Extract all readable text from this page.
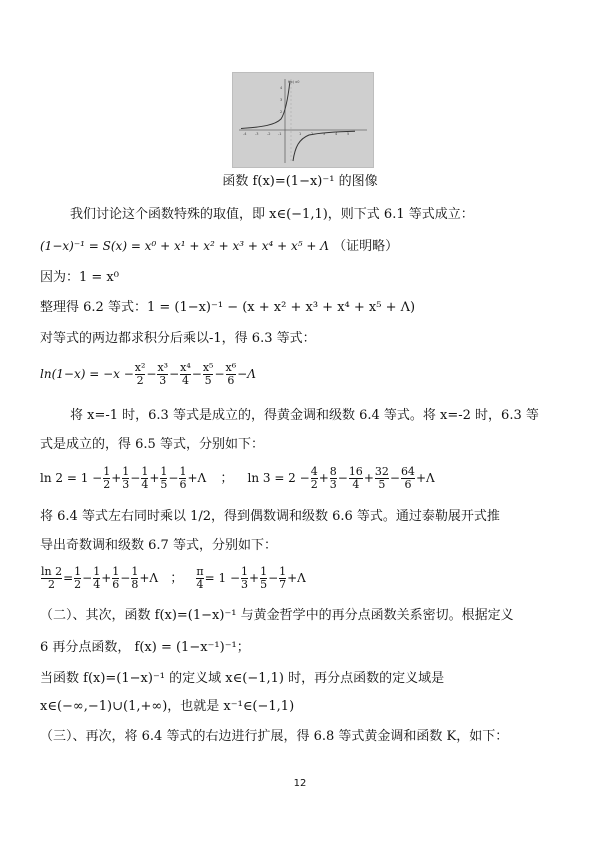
-4 -3 -2 -1	1	2	3	4	5
4
3
2
f(x) x0
函数 f(x)=(1−x)⁻¹ 的图像
我们讨论这个函数特殊的取值，即 x∈(−1,1)，则下式 6.1 等式成立：
(1−x)⁻¹ = S(x) = x⁰ + x¹ + x² + x³ + x⁴ + x⁵ + Λ （证明略）
因为：1 = x⁰
整理得 6.2 等式：1 = (1−x)⁻¹ − (x + x² + x³ + x⁴ + x⁵ + Λ)
对等式的两边都求积分后乘以-1，得 6.3 等式：
$\ln(1-x) = -x - \frac{\text{x²}}{2} - \frac{\text{x³}}{3} - \frac{\text{x⁴}}{4} - \frac{\text{x⁵}}{5} - \frac{\text{x⁶}}{6} -\Lambda$
将 x=-1 时，6.3 等式是成立的，得黄金调和级数 6.4 等式。将 x=-2 时，6.3 等
式是成立的，得 6.5 等式，分别如下：
$\ln 2 = 1 - \frac{1}{2} + \frac{1}{3} - \frac{1}{4} + \frac{1}{5} - \frac{1}{6} +\Lambda$ ； $\ln 3 = 2 - \frac{4}{2} + \frac{8}{3} - \frac{16}{4} + \frac{32}{5} - \frac{64}{6} +\Lambda$
将 6.4 等式左右同时乘以 1/2，得到偶数调和级数 6.6 等式。通过泰勒展开式推
导出奇数调和级数 6.7 等式，分别如下：
$\frac{\ln 2}{2} = \frac{1}{2} - \frac{1}{4} + \frac{1}{6} - \frac{1}{8} +\Lambda$ ； $\frac{\pi}{4} = 1 - \frac{1}{3} + \frac{1}{5} - \frac{1}{7} +\Lambda$
（二）、其次，函数 f(x)=(1−x)⁻¹ 与黄金哲学中的再分点函数关系密切。根据定义
6 再分点函数， f(x) = (1−x⁻¹)⁻¹；
当函数 f(x)=(1−x)⁻¹ 的定义域 x∈(−1,1) 时，再分点函数的定义域是
x∈(−∞,−1)∪(1,+∞)，也就是 x⁻¹∈(−1,1)
（三）、再次，将 6.4 等式的右边进行扩展，得 6.8 等式黄金调和函数 K，如下：
12
